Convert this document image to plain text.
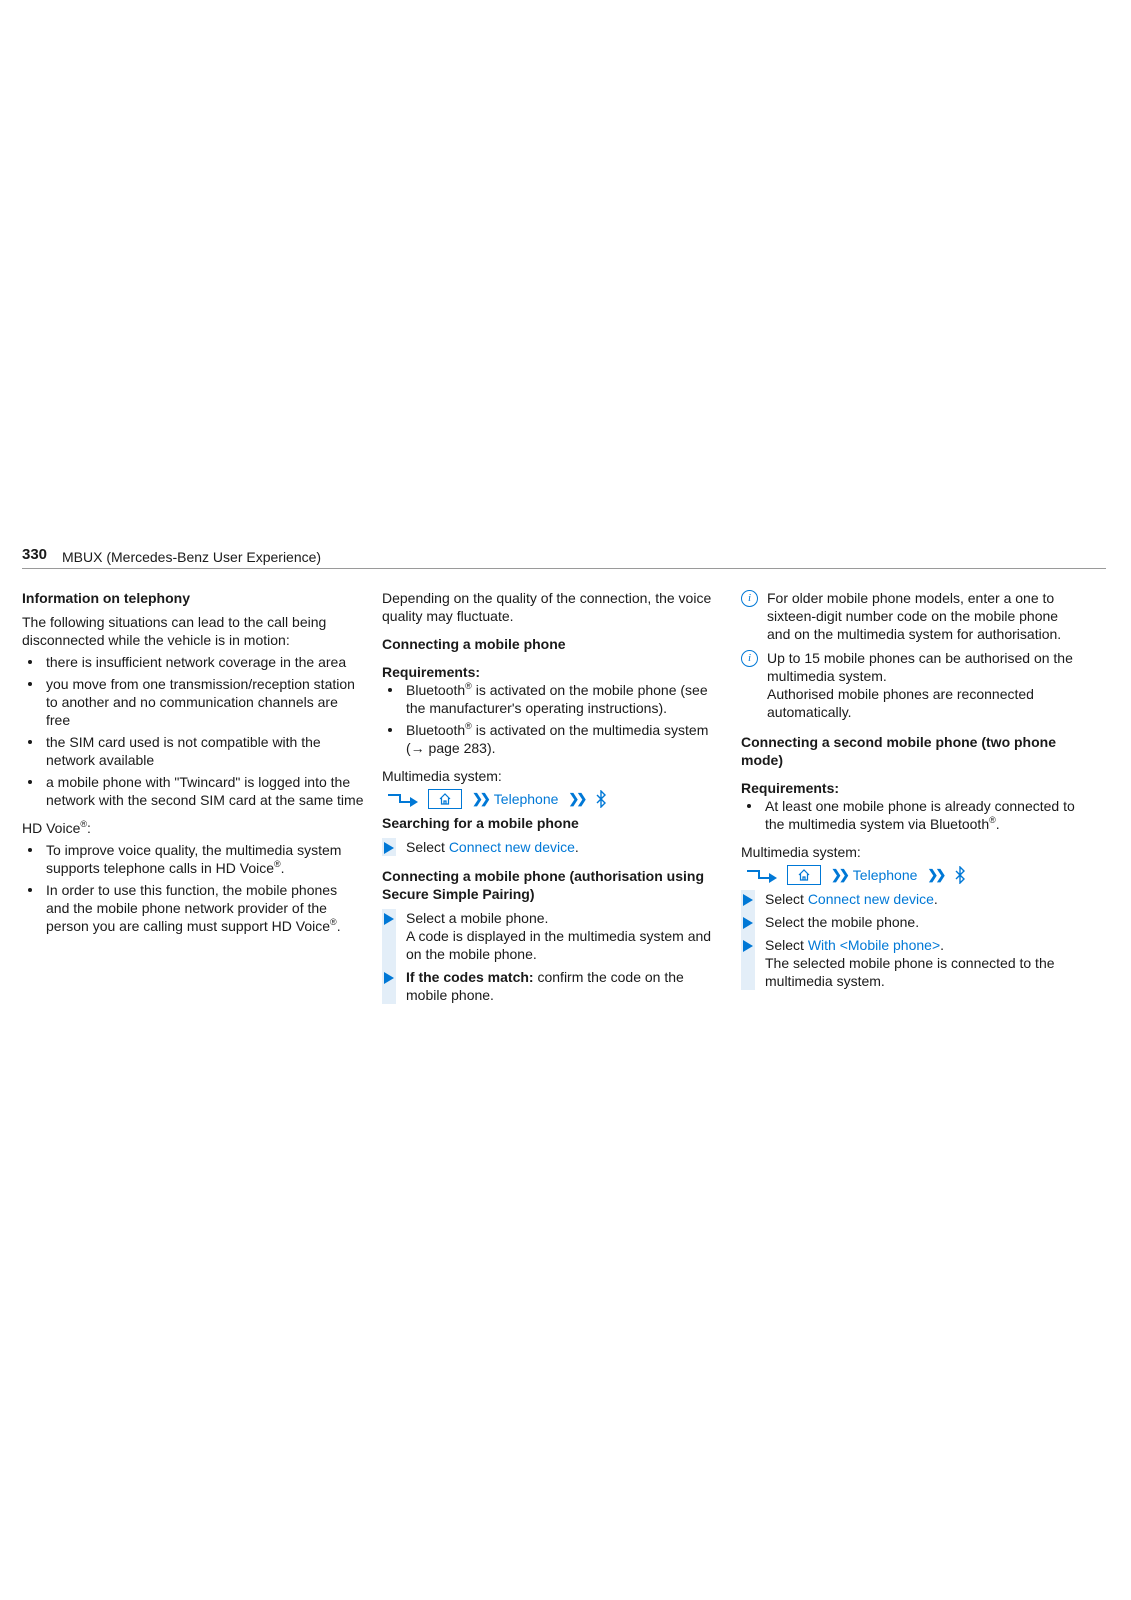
330 MBUX (Mercedes-Benz User Experience)

Information on telephony

The following situations can lead to the call being disconnected while the vehicle is in motion:

there is insufficient network coverage in the area
you move from one transmission/reception station to another and no communication channels are free
the SIM card used is not compatible with the network available
a mobile phone with "Twincard" is logged into the network with the second SIM card at the same time

HD Voice®:

To improve voice quality, the multimedia system supports telephone calls in HD Voice®.
In order to use this function, the mobile phones and the mobile phone network provider of the person you are calling must support HD Voice®.

Depending on the quality of the connection, the voice quality may fluctuate.

Connecting a mobile phone

Requirements:

Bluetooth® is activated on the mobile phone (see the manufacturer's operating instructions).
Bluetooth® is activated on the multimedia system (→ page 283).

Multimedia system:

❯❯ Telephone ❯❯

Searching for a mobile phone

Select Connect new device.

Connecting a mobile phone (authorisation using Secure Simple Pairing)

Select a mobile phone.

A code is displayed in the multimedia system and on the mobile phone.

If the codes match: confirm the code on the mobile phone.
i	For older mobile phone models, enter a one to sixteen-digit number code on the mobile phone and on the multimedia system for authorisation.

i	Up to 15 mobile phones can be authorised on the multimedia system.

Authorised mobile phones are reconnected automatically.

Connecting a second mobile phone (two phone mode)

Requirements:

At least one mobile phone is already connected to the multimedia system via Bluetooth®.

Multimedia system:

❯❯ Telephone ❯❯
Select Connect new device.
Select the mobile phone.
Select With <Mobile phone>.

The selected mobile phone is connected to the multimedia system.
